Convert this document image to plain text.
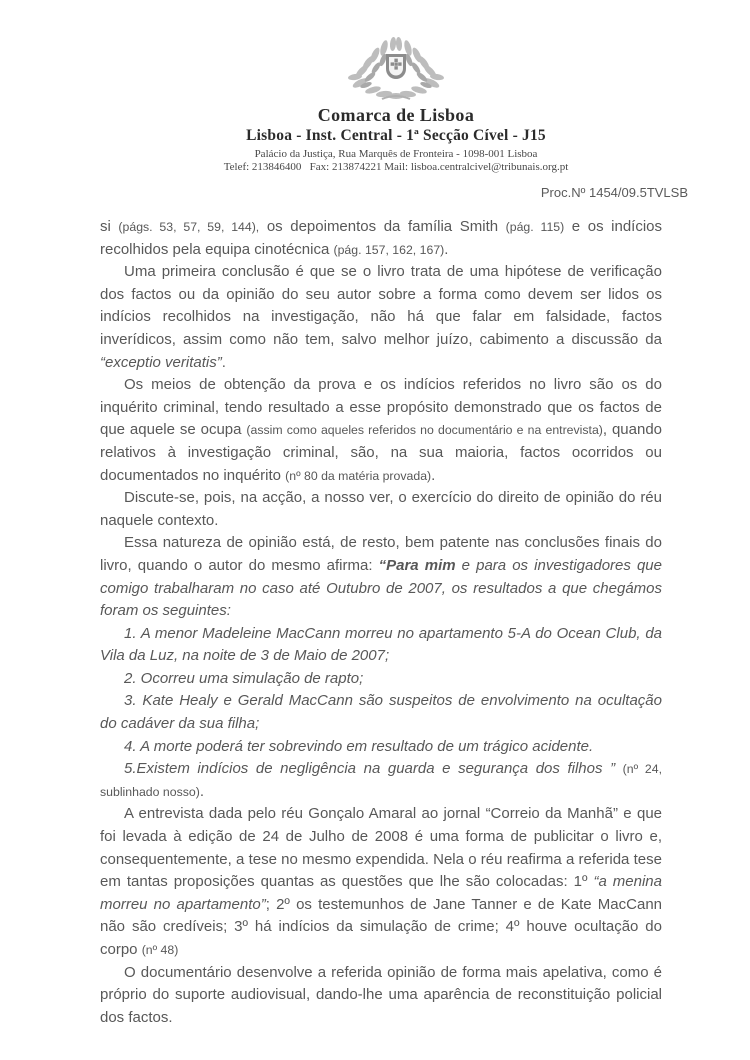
Comarca de Lisboa
Lisboa - Inst. Central - 1ª Secção Cível - J15
Palácio da Justiça, Rua Marquês de Fronteira - 1098-001 Lisboa
Telef: 213846400   Fax: 213874221 Mail: lisboa.centralcivel@tribunais.org.pt
Proc.Nº 1454/09.5TVLSB

si (págs. 53, 57, 59, 144), os depoimentos da família Smith (pág. 115) e os indícios recolhidos pela equipa cinotécnica (pág. 157, 162, 167).

Uma primeira conclusão é que se o livro trata de uma hipótese de verificação dos factos ou da opinião do seu autor sobre a forma como devem ser lidos os indícios recolhidos na investigação, não há que falar em falsidade, factos inverídicos, assim como não tem, salvo melhor juízo, cabimento a discussão da “exceptio veritatis”.

Os meios de obtenção da prova e os indícios referidos no livro são os do inquérito criminal, tendo resultado a esse propósito demonstrado que os factos de que aquele se ocupa (assim como aqueles referidos no documentário e na entrevista), quando relativos à investigação criminal, são, na sua maioria, factos ocorridos ou documentados no inquérito (nº 80 da matéria provada).

Discute-se, pois, na acção, a nosso ver, o exercício do direito de opinião do réu naquele contexto.

Essa natureza de opinião está, de resto, bem patente nas conclusões finais do livro, quando o autor do mesmo afirma: “Para mim e para os investigadores que comigo trabalharam no caso até Outubro de 2007, os resultados a que chegámos foram os seguintes:

1. A menor Madeleine MacCann morreu no apartamento 5-A do Ocean Club, da Vila da Luz, na noite de 3 de Maio de 2007;

2. Ocorreu uma simulação de rapto;

3. Kate Healy e Gerald MacCann são suspeitos de envolvimento na ocultação do cadáver da sua filha;

4. A morte poderá ter sobrevindo em resultado de um trágico acidente.

5.Existem indícios de negligência na guarda e segurança dos filhos ” (nº 24, sublinhado nosso).

A entrevista dada pelo réu Gonçalo Amaral ao jornal “Correio da Manhã” e que foi levada à edição de 24 de Julho de 2008 é uma forma de publicitar o livro e, consequentemente, a tese no mesmo expendida. Nela o réu reafirma a referida tese em tantas proposições quantas as questões que lhe são colocadas: 1º “a menina morreu no apartamento”; 2º os testemunhos de Jane Tanner e de Kate MacCann não são credíveis; 3º há indícios da simulação de crime; 4º houve ocultação do corpo (nº 48)

O documentário desenvolve a referida opinião de forma mais apelativa, como é próprio do suporte audiovisual, dando-lhe uma aparência de reconstituição policial dos factos.
